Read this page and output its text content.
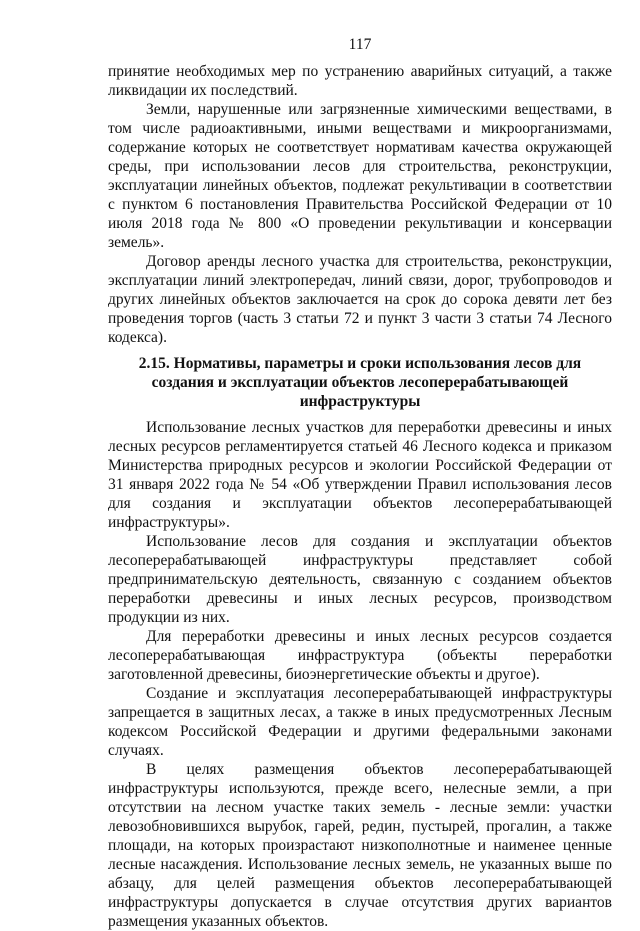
117

принятие необходимых мер по устранению аварийных ситуаций, а также ликвидации их последствий.

Земли, нарушенные или загрязненные химическими веществами, в том числе радиоактивными, иными веществами и микроорганизмами, содержание которых не соответствует нормативам качества окружающей среды, при использовании лесов для строительства, реконструкции, эксплуатации линейных объектов, подлежат рекультивации в соответствии с пунктом 6 постановления Правительства Российской Федерации от 10 июля 2018 года № 800 «О проведении рекультивации и консервации земель».

Договор аренды лесного участка для строительства, реконструкции, эксплуатации линий электропередач, линий связи, дорог, трубопроводов и других линейных объектов заключается на срок до сорока девяти лет без проведения торгов (часть 3 статьи 72 и пункт 3 части 3 статьи 74 Лесного кодекса).

2.15. Нормативы, параметры и сроки использования лесов для создания и эксплуатации объектов лесоперерабатывающей инфраструктуры

Использование лесных участков для переработки древесины и иных лесных ресурсов регламентируется статьей 46 Лесного кодекса и приказом Министерства природных ресурсов и экологии Российской Федерации от 31 января 2022 года № 54 «Об утверждении Правил использования лесов для создания и эксплуатации объектов лесоперерабатывающей инфраструктуры».

Использование лесов для создания и эксплуатации объектов лесоперерабатывающей инфраструктуры представляет собой предпринимательскую деятельность, связанную с созданием объектов переработки древесины и иных лесных ресурсов, производством продукции из них.

Для переработки древесины и иных лесных ресурсов создается лесоперерабатывающая инфраструктура (объекты переработки заготовленной древесины, биоэнергетические объекты и другое).

Создание и эксплуатация лесоперерабатывающей инфраструктуры запрещается в защитных лесах, а также в иных предусмотренных Лесным кодексом Российской Федерации и другими федеральными законами случаях.

В целях размещения объектов лесоперерабатывающей инфраструктуры используются, прежде всего, нелесные земли, а при отсутствии на лесном участке таких земель - лесные земли: участки левозобновившихся вырубок, гарей, редин, пустырей, прогалин, а также площади, на которых произрастают низкополнотные и наименее ценные лесные насаждения. Использование лесных земель, не указанных выше по абзацу, для целей размещения объектов лесоперерабатывающей инфраструктуры допускается в случае отсутствия других вариантов размещения указанных объектов.
